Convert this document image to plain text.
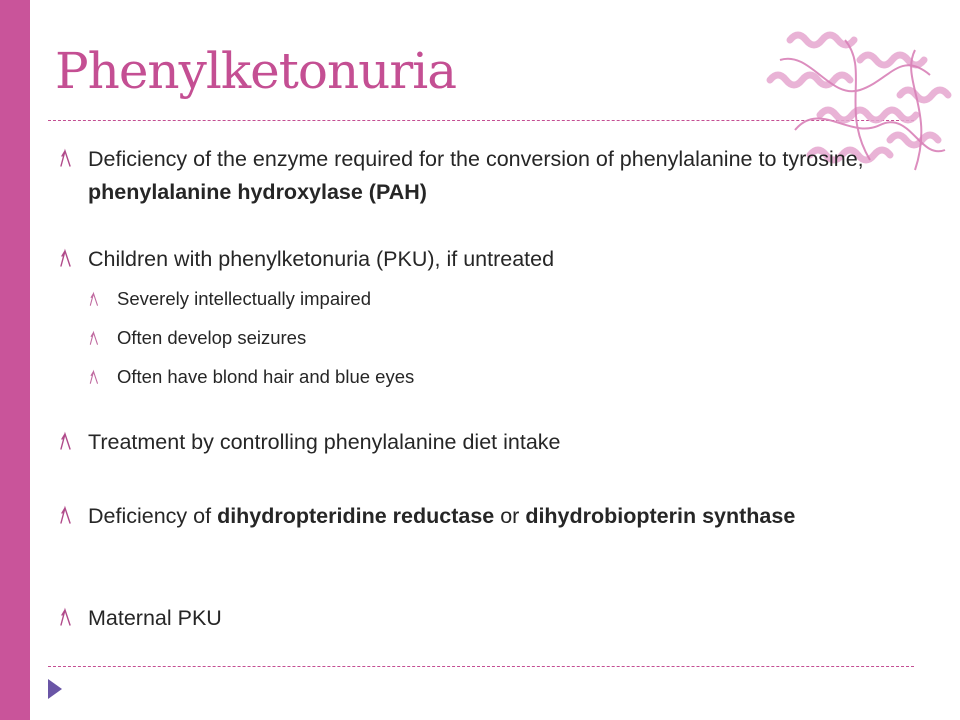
Phenylketonuria
Deficiency of the enzyme required for the conversion of phenylalanine to tyrosine, phenylalanine hydroxylase (PAH)
Children with phenylketonuria (PKU), if untreated
Severely intellectually impaired
Often develop seizures
Often have blond hair and blue eyes
Treatment by controlling phenylalanine diet intake
Deficiency of dihydropteridine reductase or dihydrobiopterin synthase
Maternal PKU
